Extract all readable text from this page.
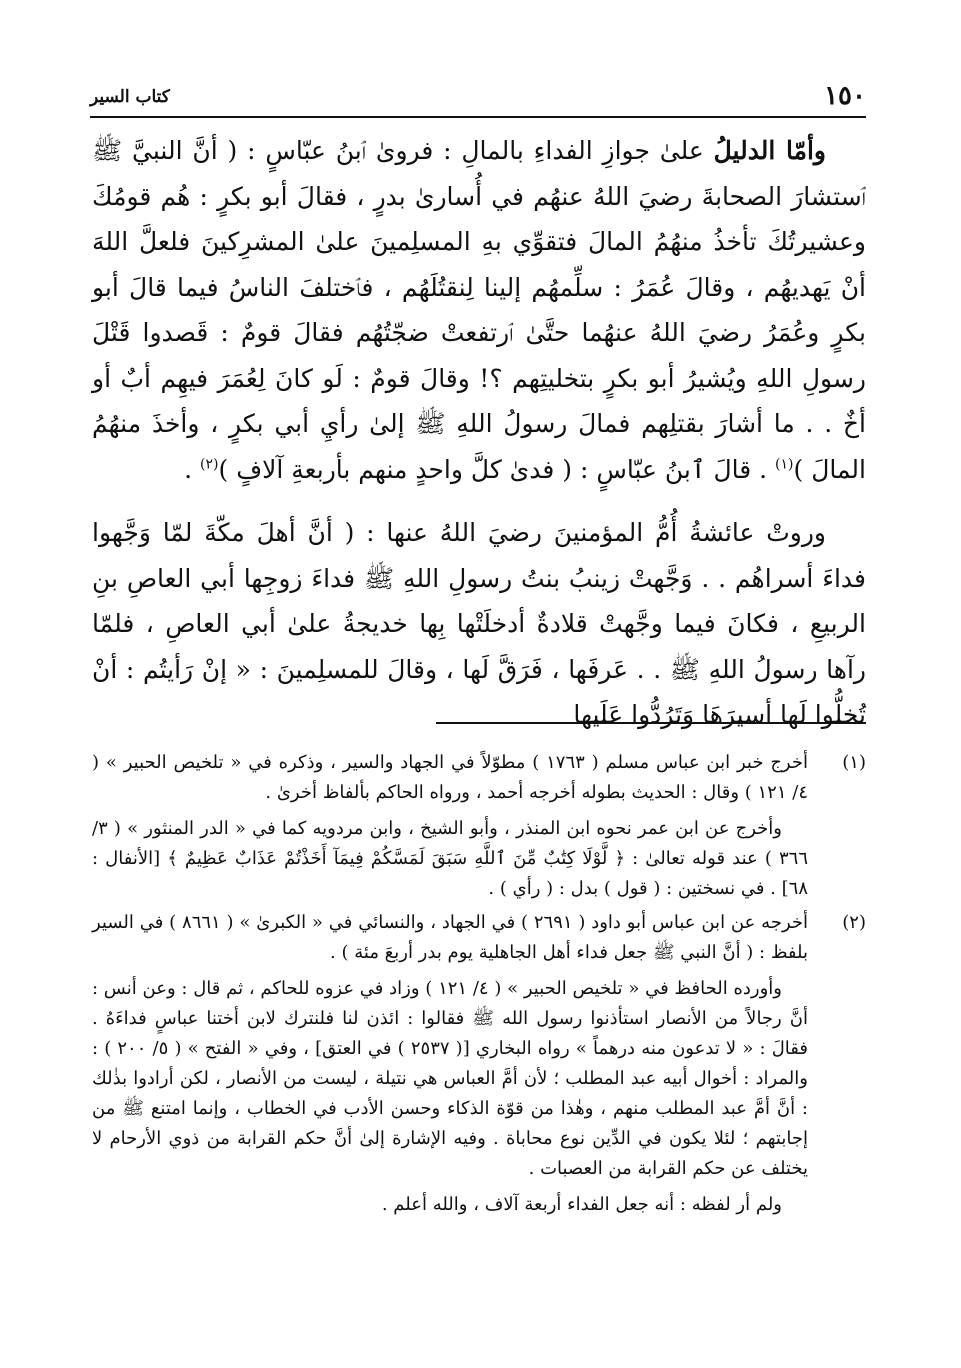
١٥٠
كتاب السير

وأمّا الدليلُ علىٰ جوازِ الفداءِ بالمالِ : فروىٰ ٱبنُ عبّاسٍ : ( أنَّ النبيَّ ﷺ ٱستشارَ الصحابةَ رضيَ اللهُ عنهُم في أُسارىٰ بدرٍ ، فقالَ أبو بكرٍ : هُم قومُكَ وعشيرتُكَ تأخذُ منهُمُ المالَ فتقوِّي بهِ المسلِمينَ علىٰ المشرِكينَ فلعلَّ اللهَ أنْ يَهديهُم ، وقالَ عُمَرُ : سلِّمهُم إلينا لِنقتُلَهُم ، فٱختلفَ الناسُ فيما قالَ أبو بكرٍ وعُمَرُ رضيَ اللهُ عنهُما حتَّىٰ ٱرتفعتْ ضجّتُهُم فقالَ قومٌ : قَصدوا قَتْلَ رسولِ اللهِ ويُشيرُ أبو بكرٍ بتخليتِهم ؟! وقالَ قومٌ : لَو كانَ لِعُمَرَ فيهِم أبٌ أو أخٌ . . ما أشارَ بقتلِهم فمالَ رسولُ اللهِ ﷺ إلىٰ رأيِ أبي بكرٍ ، وأخذَ منهُمُ المالَ )$^{(١)}$ . قالَ ٱبنُ عبّاسٍ : ( فدىٰ كلَّ واحدٍ منهم بأربعةِ آلافٍ )$^{(٢)}$ .

وروتْ عائشةُ أُمُّ المؤمنينَ رضيَ اللهُ عنها : ( أنَّ أهلَ مكّةَ لمّا وَجَّهوا فداءَ أسراهُم . . وَجَّهتْ زينبُ بنتُ رسولِ اللهِ ﷺ فداءَ زوجِها أبي العاصِ بنِ الربيعِ ، فكانَ فيما وجَّهتْ قلادةٌ أدخلَتْها بِها خديجةُ علىٰ أبي العاصِ ، فلمّا رآها رسولُ اللهِ ﷺ . . عَرفَها ، فَرَقَّ لَها ، وقالَ للمسلِمينَ : « إنْ رَأيتُم : أنْ تُخلُّوا لَها أسيرَهَا وَتَرُدُّوا عَلَيها

(١)

أخرج خبر ابن عباس مسلم ( ١٧٦٣ ) مطوّلاً في الجهاد والسير ، وذكره في « تلخيص الحبير » ( ٤/ ١٢١ ) وقال : الحديث بطوله أخرجه أحمد ، ورواه الحاكم بألفاظ أخرىٰ .

وأخرج عن ابن عمر نحوه ابن المنذر ، وأبو الشيخ ، وابن مردويه كما في « الدر المنثور » ( ٣/ ٣٦٦ ) عند قوله تعالىٰ : ﴿ لَّوْلَا كِتَٰبٌ مِّنَ ٱللَّهِ سَبَقَ لَمَسَّكُمْ فِيمَآ أَخَذْتُمْ عَذَابٌ عَظِيمٌ ﴾ [الأنفال : ٦٨] . في نسختين : ( قول ) بدل : ( رأي ) .

(٢)

أخرجه عن ابن عباس أبو داود ( ٢٦٩١ ) في الجهاد ، والنسائي في « الكبرىٰ » ( ٨٦٦١ ) في السير بلفظ : ( أنَّ النبي ﷺ جعل فداء أهل الجاهلية يوم بدر أربعَ مئة ) .

وأورده الحافظ في « تلخيص الحبير » ( ٤/ ١٢١ ) وزاد في عزوه للحاكم ، ثم قال : وعن أنس : أنَّ رجالاً من الأنصار استأذنوا رسول الله ﷺ فقالوا : ائذن لنا فلنترك لابن أختنا عباسٍ فداءَهُ . فقالَ : « لا تدعون منه درهماً » رواه البخاري [( ٢٥٣٧ ) في العتق] ، وفي « الفتح » ( ٥/ ٢٠٠ ) : والمراد : أخوال أبيه عبد المطلب ؛ لأن أمَّ العباس هي نتيلة ، ليست من الأنصار ، لكن أرادوا بذٰلك : أنَّ أمَّ عبد المطلب منهم ، وهٰذا من قوّة الذكاء وحسن الأدب في الخطاب ، وإنما امتنع ﷺ من إجابتهم ؛ لئلا يكون في الدِّين نوع محاباة . وفيه الإشارة إلىٰ أنَّ حكم القرابة من ذوي الأرحام لا يختلف عن حكم القرابة من العصبات .

ولم أر لفظه : أنه جعل الفداء أربعة آلاف ، والله أعلم .
